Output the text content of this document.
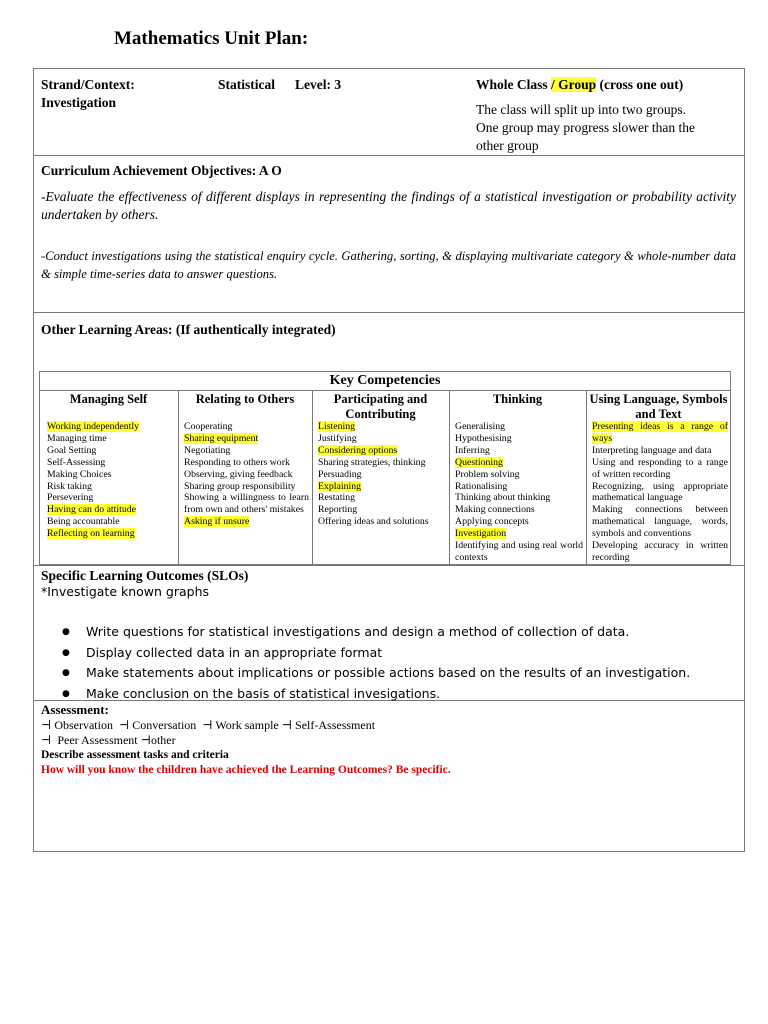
Mathematics Unit Plan:
Strand/Context:	Statistical Level: 3
Investigation
Whole Class / Group (cross one out)
The class will split up into two groups.
One group may progress slower than the
other group
Curriculum Achievement Objectives: A O
-Evaluate the effectiveness of different displays in representing the findings of a statistical investigation or probability activity undertaken by others.
-Conduct investigations using the statistical enquiry cycle. Gathering, sorting, & displaying multivariate category & whole-number data & simple time-series data to answer questions.
Other Learning Areas: (If authentically integrated)
Key Competencies
Managing Self
Working independently
Managing time
Goal Setting
Self-Assessing
Making Choices
Risk taking
Persevering
Having can do attitude
Being accountable
Reflecting on learning
Relating to Others
Cooperating
Sharing equipment
Negotiating
Responding to others work
Observing, giving feedback
Sharing group responsibility
Showing a willingness to learn from own and others' mistakes
Asking if unsure
Participating and Contributing
Listening
Justifying
Considering options
Sharing strategies, thinking
Persuading
Explaining
Restating
Reporting
Offering ideas and solutions
Thinking
Generalising
Hypothesising
Inferring
Questioning
Problem solving
Rationalising
Thinking about thinking
Making connections
Applying concepts
Investigation
Identifying and using real world contexts
Using Language, Symbols and Text
Presenting ideas is a range of ways
Interpreting language and data
Using and responding to a range of written recording
Recognizing, using appropriate mathematical language
Making connections between mathematical language, words, symbols and conventions
Developing accuracy in written recording
Specific Learning Outcomes (SLOs)
*Investigate known graphs
● Write questions for statistical investigations and design a method of collection of data.
● Display collected data in an appropriate format
● Make statements about implications or possible actions based on the results of an investigation.
● Make conclusion on the basis of statistical invesigations.
Assessment:
⊣ Observation  ⊣ Conversation  ⊣ Work sample ⊣ Self-Assessment
⊣  Peer Assessment ⊣other
Describe assessment tasks and criteria
How will you know the children have achieved the Learning Outcomes? Be specific.
